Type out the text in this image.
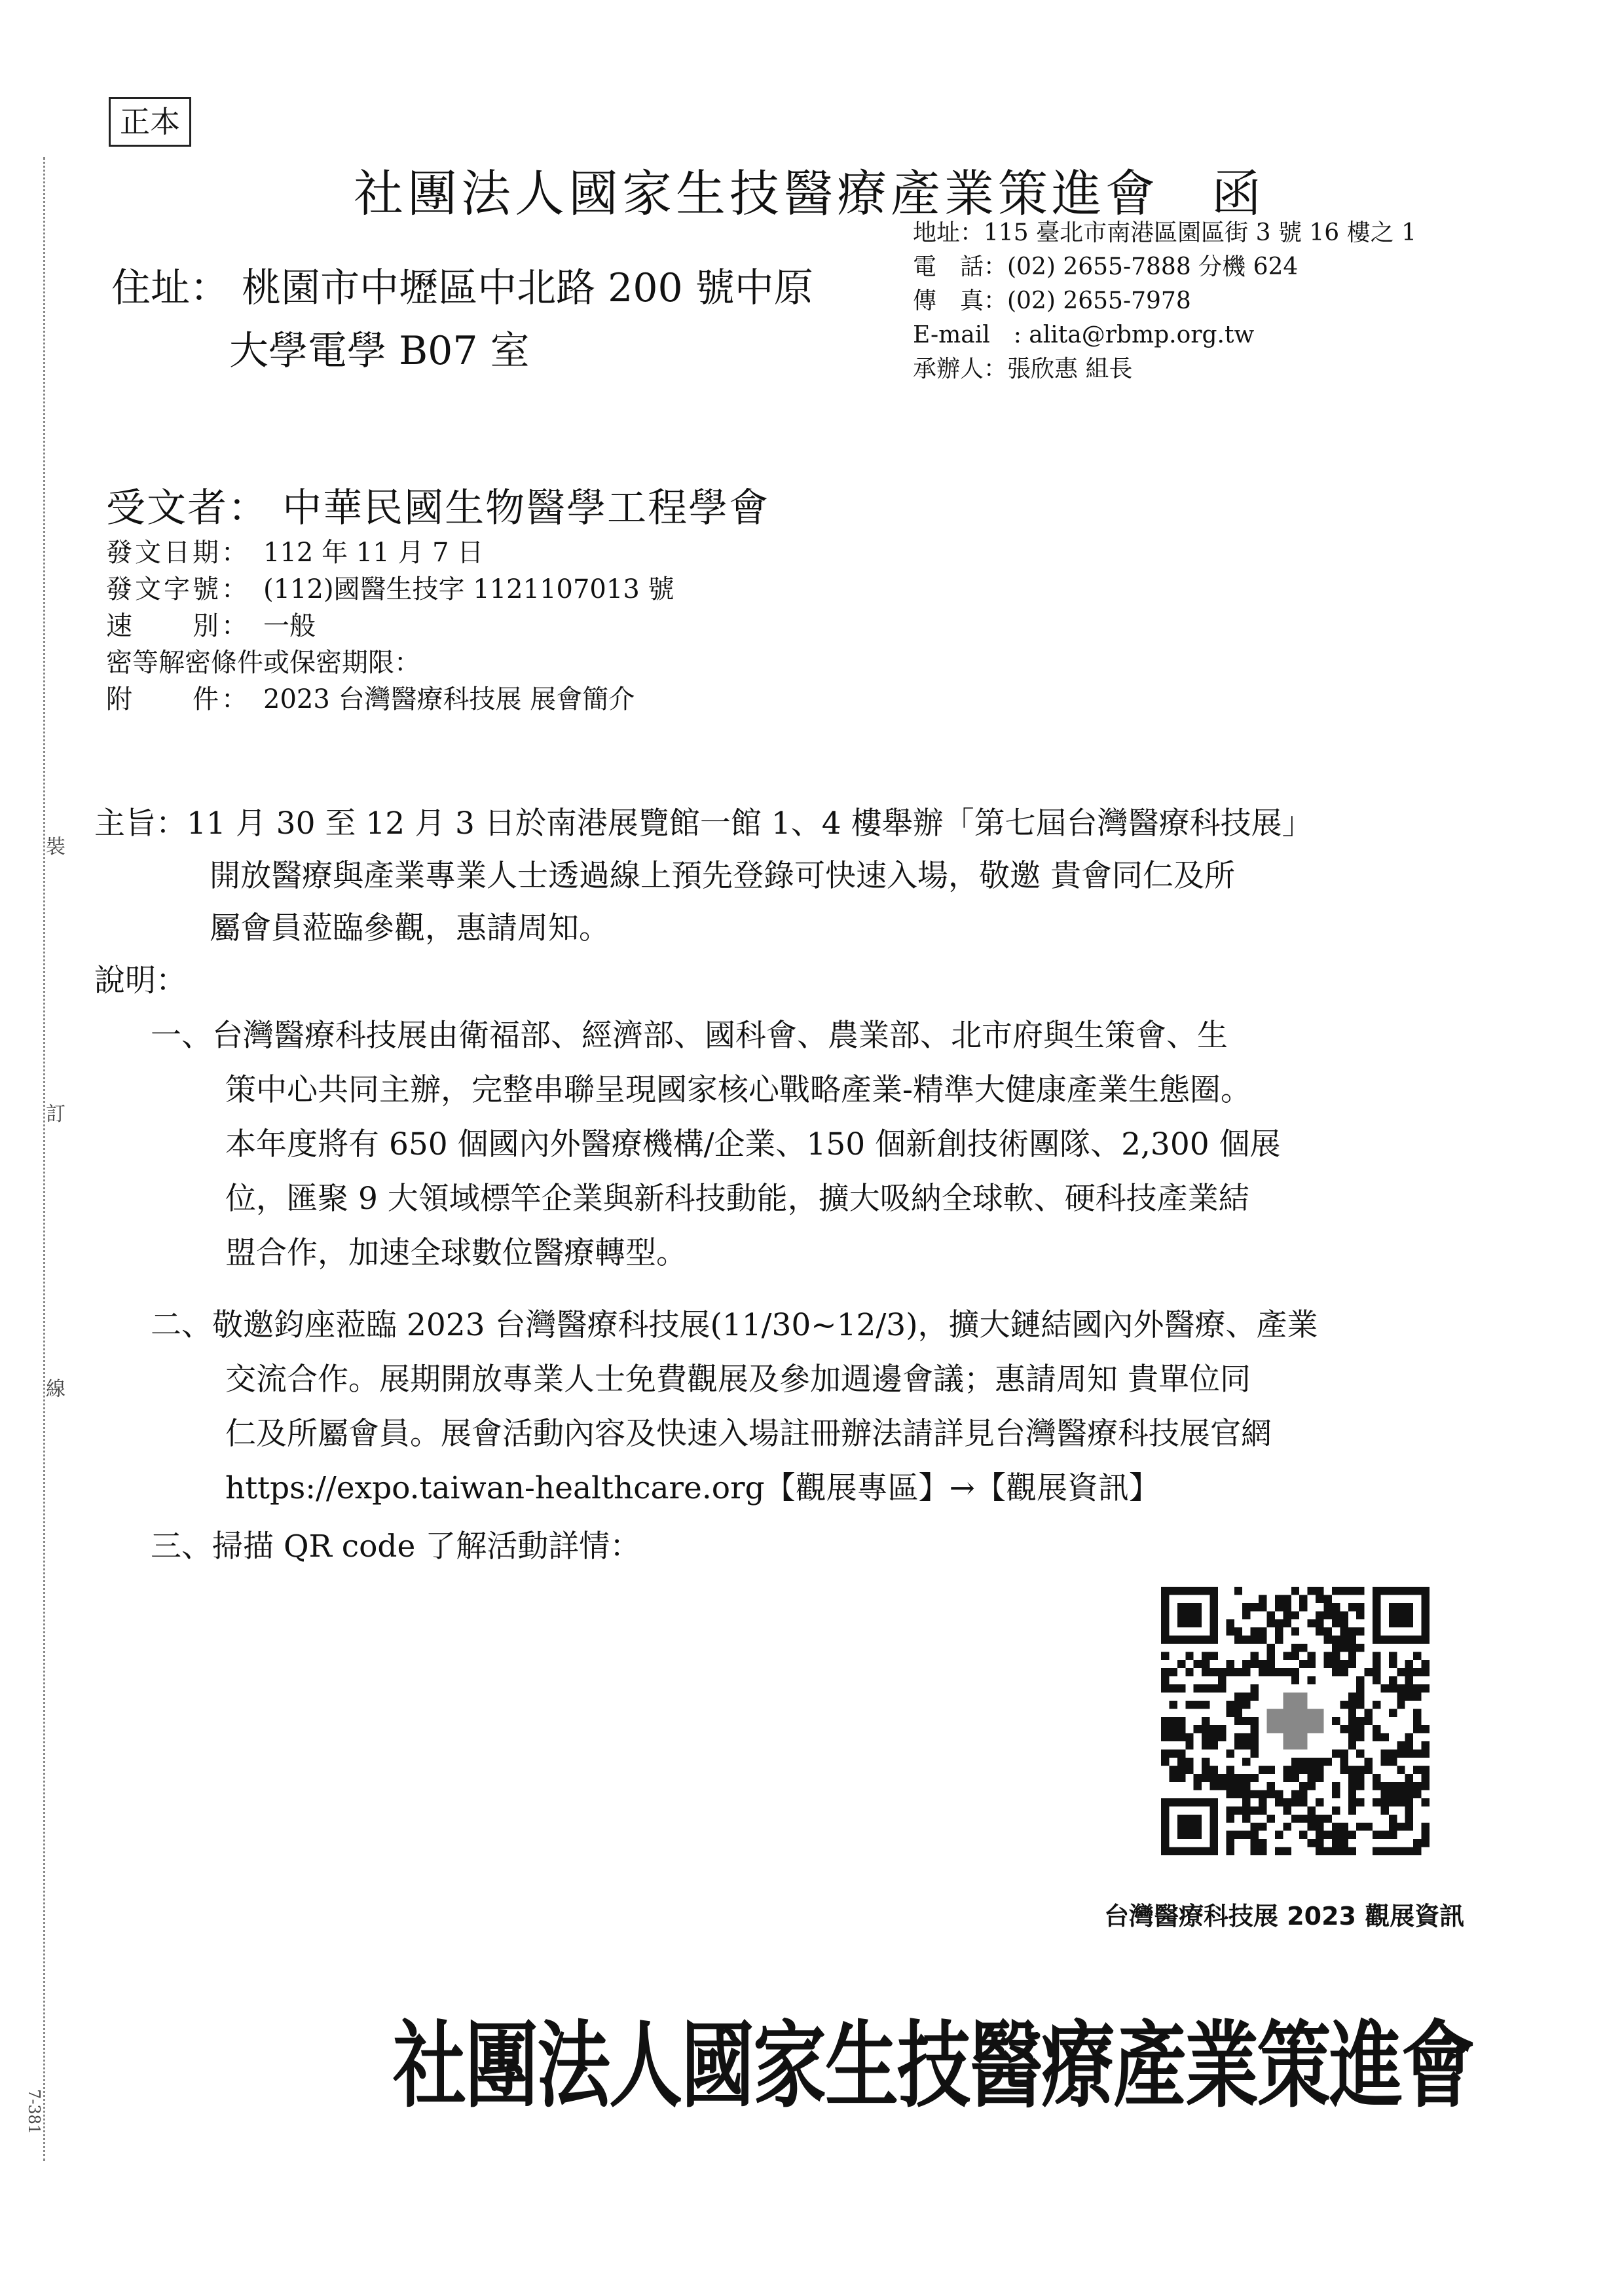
裝
訂
線
7-381
正本
社團法人國家生技醫療產業策進會 函
住址： 桃園市中壢區中北路 200 號中原
大學電學 B07 室
地址：115 臺北市南港區園區街 3 號 16 樓之 1
電　話：(02) 2655-7888 分機 624
傳　真：(02) 2655-7978
E-mail　: alita@rbmp.org.tw
承辦人：張欣惠 組長
受文者： 中華民國生物醫學工程學會
發文日期： 112 年 11 月 7 日
發文字號： (112)國醫生技字 1121107013 號
速　　別： 一般
密等解密條件或保密期限：
附　　件： 2023 台灣醫療科技展 展會簡介
主旨：11 月 30 至 12 月 3 日於南港展覽館一館 1、4 樓舉辦「第七屆台灣醫療科技展」
開放醫療與產業專業人士透過線上預先登錄可快速入場，敬邀 貴會同仁及所
屬會員蒞臨參觀，惠請周知。
說明：
一、台灣醫療科技展由衛福部、經濟部、國科會、農業部、北市府與生策會、生
策中心共同主辦，完整串聯呈現國家核心戰略產業-精準大健康產業生態圈。
本年度將有 650 個國內外醫療機構/企業、150 個新創技術團隊、2,300 個展
位，匯聚 9 大領域標竿企業與新科技動能，擴大吸納全球軟、硬科技產業結
盟合作，加速全球數位醫療轉型。
二、敬邀鈞座蒞臨 2023 台灣醫療科技展(11/30~12/3)，擴大鏈結國內外醫療、產業
交流合作。展期開放專業人士免費觀展及參加週邊會議；惠請周知 貴單位同
仁及所屬會員。展會活動內容及快速入場註冊辦法請詳見台灣醫療科技展官網
https://expo.taiwan-healthcare.org【觀展專區】→【觀展資訊】
三、掃描 QR code 了解活動詳情：
台灣醫療科技展 2023 觀展資訊
社團法人國家生技醫療產業策進會
